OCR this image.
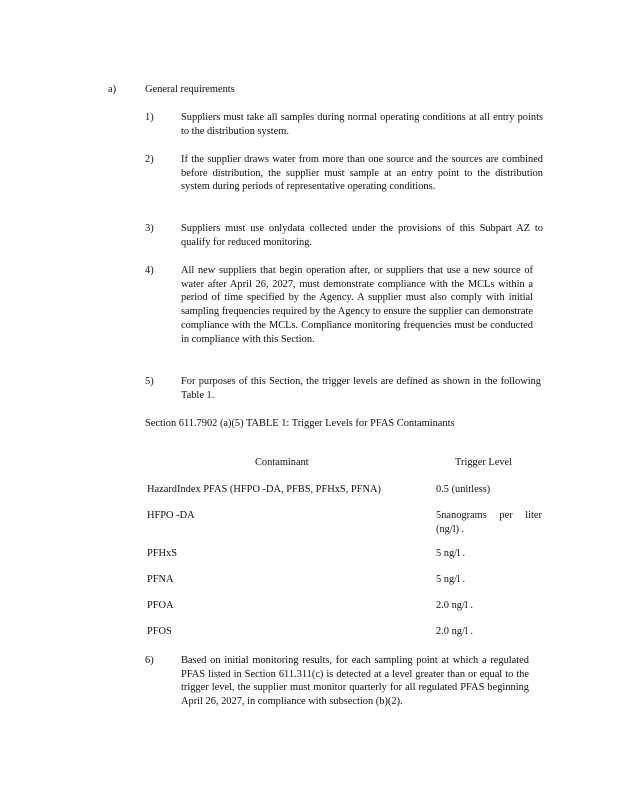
a)	General requirements

1)	Suppliers must take all samples during normal operating conditions at all entry points to the distribution system.

2)	If the supplier draws water from more than one source and the sources are combined before distribution, the supplier must sample at an entry point to the distribution system during periods of representative operating conditions.

3)	Suppliers must use onlydata collected under the provisions of this Subpart AZ to qualify for reduced monitoring.

4)	All new suppliers that begin operation after, or suppliers that use a new source of water after April 26, 2027, must demonstrate compliance with the MCLs within a period of time specified by the Agency. A supplier must also comply with initial sampling frequencies required by the Agency to ensure the supplier can demonstrate compliance with the MCLs. Compliance monitoring frequencies must be conducted in compliance with this Section.

5)	For purposes of this Section, the trigger levels are defined as shown in the following Table 1.

Section 611.7902 (a)(5) TABLE 1: Trigger Levels for PFAS Contaminants

Contaminant	Trigger Level
HazardIndex PFAS (HFPO -DA, PFBS, PFHxS, PFNA)	0.5 (unitless)
HFPO -DA	5nanograms per liter (ng/l) .
PFHxS	5 ng/l .
PFNA	5 ng/l .
PFOA	2.0 ng/l .
PFOS	2.0 ng/l .

6)	Based on initial monitoring results, for each sampling point at which a regulated PFAS listed in Section 611.311(c) is detected at a level greater than or equal to the trigger level, the supplier must monitor quarterly for all regulated PFAS beginning April 26, 2027, in compliance with subsection (b)(2).
